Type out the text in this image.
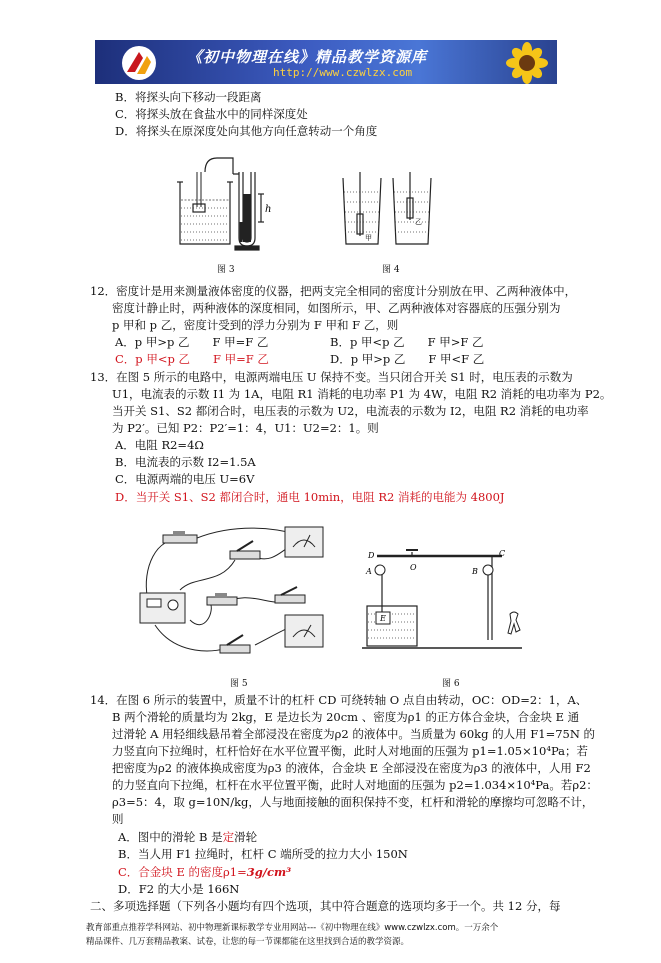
《初中物理在线》精品教学资源库
http://www.czwlzx.com
B．将探头向下移动一段距离
C．将探头放在食盐水中的同样深度处
D．将探头在原深度处向其他方向任意转动一个角度
h
甲
乙
图 3	图 4
12．密度计是用来测量液体密度的仪器，把两支完全相同的密度计分别放在甲、乙两种液体中，
密度计静止时，两种液体的深度相同，如图所示，甲、乙两种液体对容器底的压强分别为
p 甲和 p 乙，密度计受到的浮力分别为 F 甲和 F 乙，则
A．p 甲>p 乙　　F 甲=F 乙	B．p 甲<p 乙　　F 甲>F 乙
C．p 甲<p 乙　　F 甲=F 乙	D．p 甲>p 乙　　F 甲<F 乙
13．在图 5 所示的电路中，电源两端电压 U 保持不变。当只闭合开关 S1 时，电压表的示数为
U1，电流表的示数 I1 为 1A，电阻 R1 消耗的电功率 P1 为 4W，电阻 R2 消耗的电功率为 P2。
当开关 S1、S2 都闭合时，电压表的示数为 U2，电流表的示数为 I2，电阻 R2 消耗的电功率
为 P2′。已知 P2：P2′=1：4，U1：U2=2：1。则
A．电阻 R2=4Ω
B．电流表的示数 I2=1.5A
C．电源两端的电压 U=6V
D．当开关 S1、S2 都闭合时，通电 10min，电阻 R2 消耗的电能为 4800J
D
O
C
A	B
E
图 5	图 6
14．在图 6 所示的装置中，质量不计的杠杆 CD 可绕转轴 O 点自由转动，OC：OD=2：1，A、
B 两个滑轮的质量均为 2kg，E 是边长为 20cm 、密度为ρ1 的正方体合金块，合金块 E 通
过滑轮 A 用轻细线悬吊着全部浸没在密度为ρ2 的液体中。当质量为 60kg 的人用 F1=75N 的
力竖直向下拉绳时，杠杆恰好在水平位置平衡，此时人对地面的压强为 p1=1.05×10⁴Pa；若
把密度为ρ2 的液体换成密度为ρ3 的液体，合金块 E 全部浸没在密度为ρ3 的液体中，人用 F2
的力竖直向下拉绳，杠杆在水平位置平衡，此时人对地面的压强为 p2=1.034×10⁴Pa。若ρ2：
ρ3=5：4，取 g=10N/kg，人与地面接触的面积保持不变，杠杆和滑轮的摩擦均可忽略不计，
则
A．图中的滑轮 B 是定滑轮
B．当人用 F1 拉绳时，杠杆 C 端所受的拉力大小 150N
C．合金块 E 的密度ρ1=3g/cm³
D．F2 的大小是 166N
二、多项选择题（下列各小题均有四个选项，其中符合题意的选项均多于一个。共 12 分，每
教育部重点推荐学科网站、初中物理新课标教学专业用网站---《初中物理在线》www.czwlzx.com。一万余个
精品课件、几万套精品教案、试卷，让您的每一节课都能在这里找到合适的教学资源。
